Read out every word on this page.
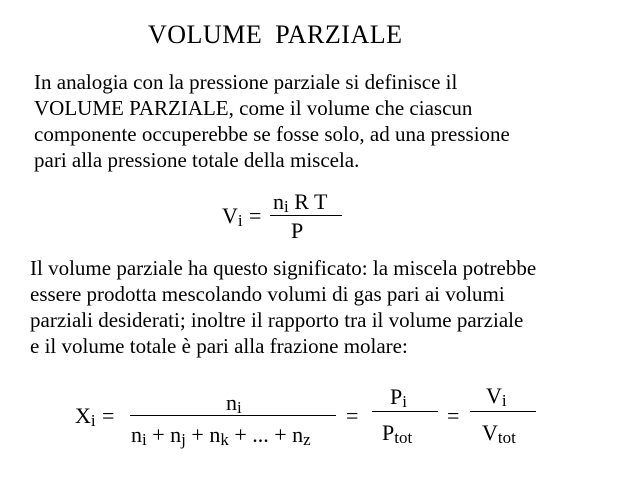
VOLUME PARZIALE
In analogia con la pressione parziale si definisce il
VOLUME PARZIALE, come il volume che ciascun
componente occuperebbe se fosse solo, ad una pressione
pari alla pressione totale della miscela.
Vi =
ni R T
P
Il volume parziale ha questo significato: la miscela potrebbe
essere prodotta mescolando volumi di gas pari ai volumi
parziali desiderati; inoltre il rapporto tra il volume parziale
e il volume totale è pari alla frazione molare:
Xi =
ni
ni + nj + nk + ... + nz
=
Pi
Ptot
=
Vi
Vtot
